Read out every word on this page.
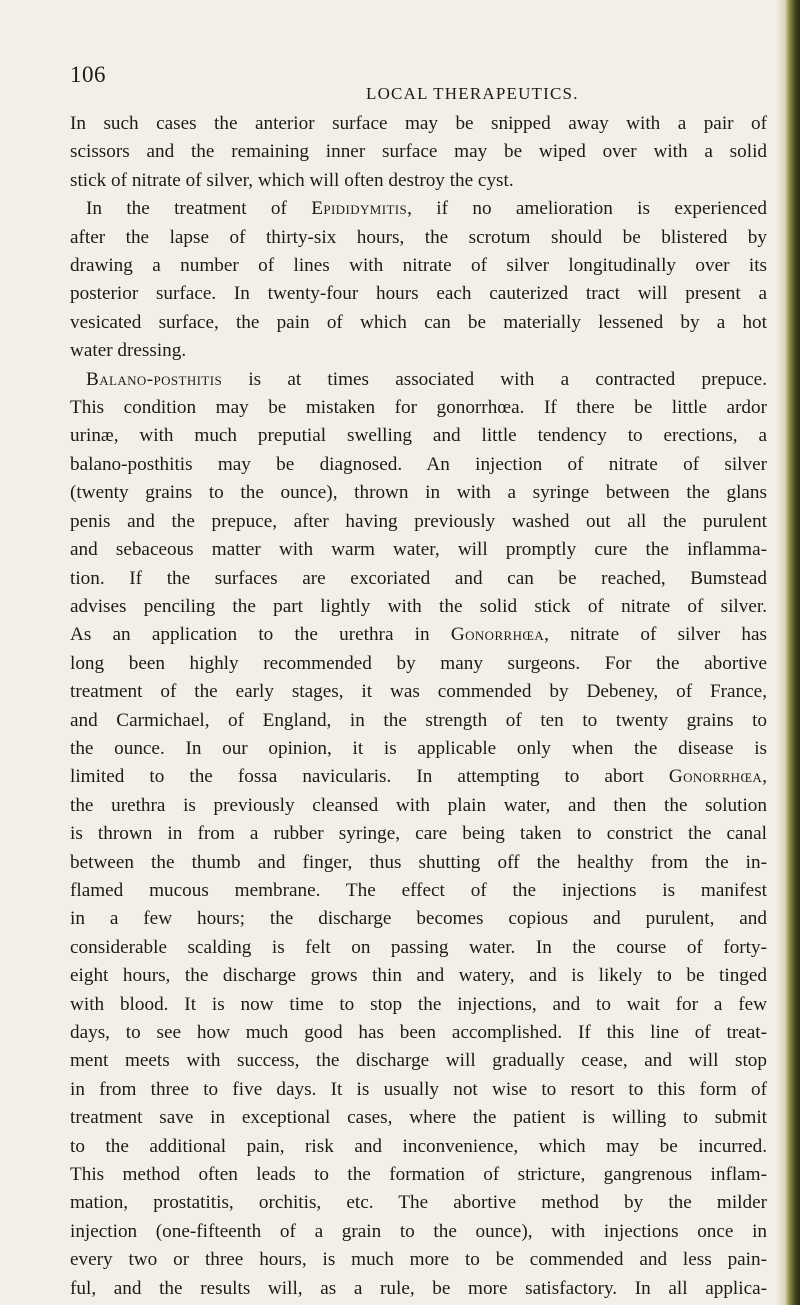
106
LOCAL THERAPEUTICS.
In such cases the anterior surface may be snipped away with a pair of
scissors and the remaining inner surface may be wiped over with a solid
stick of nitrate of silver, which will often destroy the cyst.
In the treatment of Epididymitis, if no amelioration is experienced
after the lapse of thirty-six hours, the scrotum should be blistered by
drawing a number of lines with nitrate of silver longitudinally over its
posterior surface. In twenty-four hours each cauterized tract will present a
vesicated surface, the pain of which can be materially lessened by a hot
water dressing.
Balano-posthitis is at times associated with a contracted prepuce.
This condition may be mistaken for gonorrhœa. If there be little ardor
urinæ, with much preputial swelling and little tendency to erections, a
balano-posthitis may be diagnosed. An injection of nitrate of silver
(twenty grains to the ounce), thrown in with a syringe between the glans
penis and the prepuce, after having previously washed out all the purulent
and sebaceous matter with warm water, will promptly cure the inflamma-
tion. If the surfaces are excoriated and can be reached, Bumstead
advises penciling the part lightly with the solid stick of nitrate of silver.
As an application to the urethra in Gonorrhœa, nitrate of silver has
long been highly recommended by many surgeons. For the abortive
treatment of the early stages, it was commended by Debeney, of France,
and Carmichael, of England, in the strength of ten to twenty grains to
the ounce. In our opinion, it is applicable only when the disease is
limited to the fossa navicularis. In attempting to abort Gonorrhœa,
the urethra is previously cleansed with plain water, and then the solution
is thrown in from a rubber syringe, care being taken to constrict the canal
between the thumb and finger, thus shutting off the healthy from the in-
flamed mucous membrane. The effect of the injections is manifest
in a few hours; the discharge becomes copious and purulent, and
considerable scalding is felt on passing water. In the course of forty-
eight hours, the discharge grows thin and watery, and is likely to be tinged
with blood. It is now time to stop the injections, and to wait for a few
days, to see how much good has been accomplished. If this line of treat-
ment meets with success, the discharge will gradually cease, and will stop
in from three to five days. It is usually not wise to resort to this form of
treatment save in exceptional cases, where the patient is willing to submit
to the additional pain, risk and inconvenience, which may be incurred.
This method often leads to the formation of stricture, gangrenous inflam-
mation, prostatitis, orchitis, etc. The abortive method by the milder
injection (one-fifteenth of a grain to the ounce), with injections once in
every two or three hours, is much more to be commended and less pain-
ful, and the results will, as a rule, be more satisfactory. In all applica-
